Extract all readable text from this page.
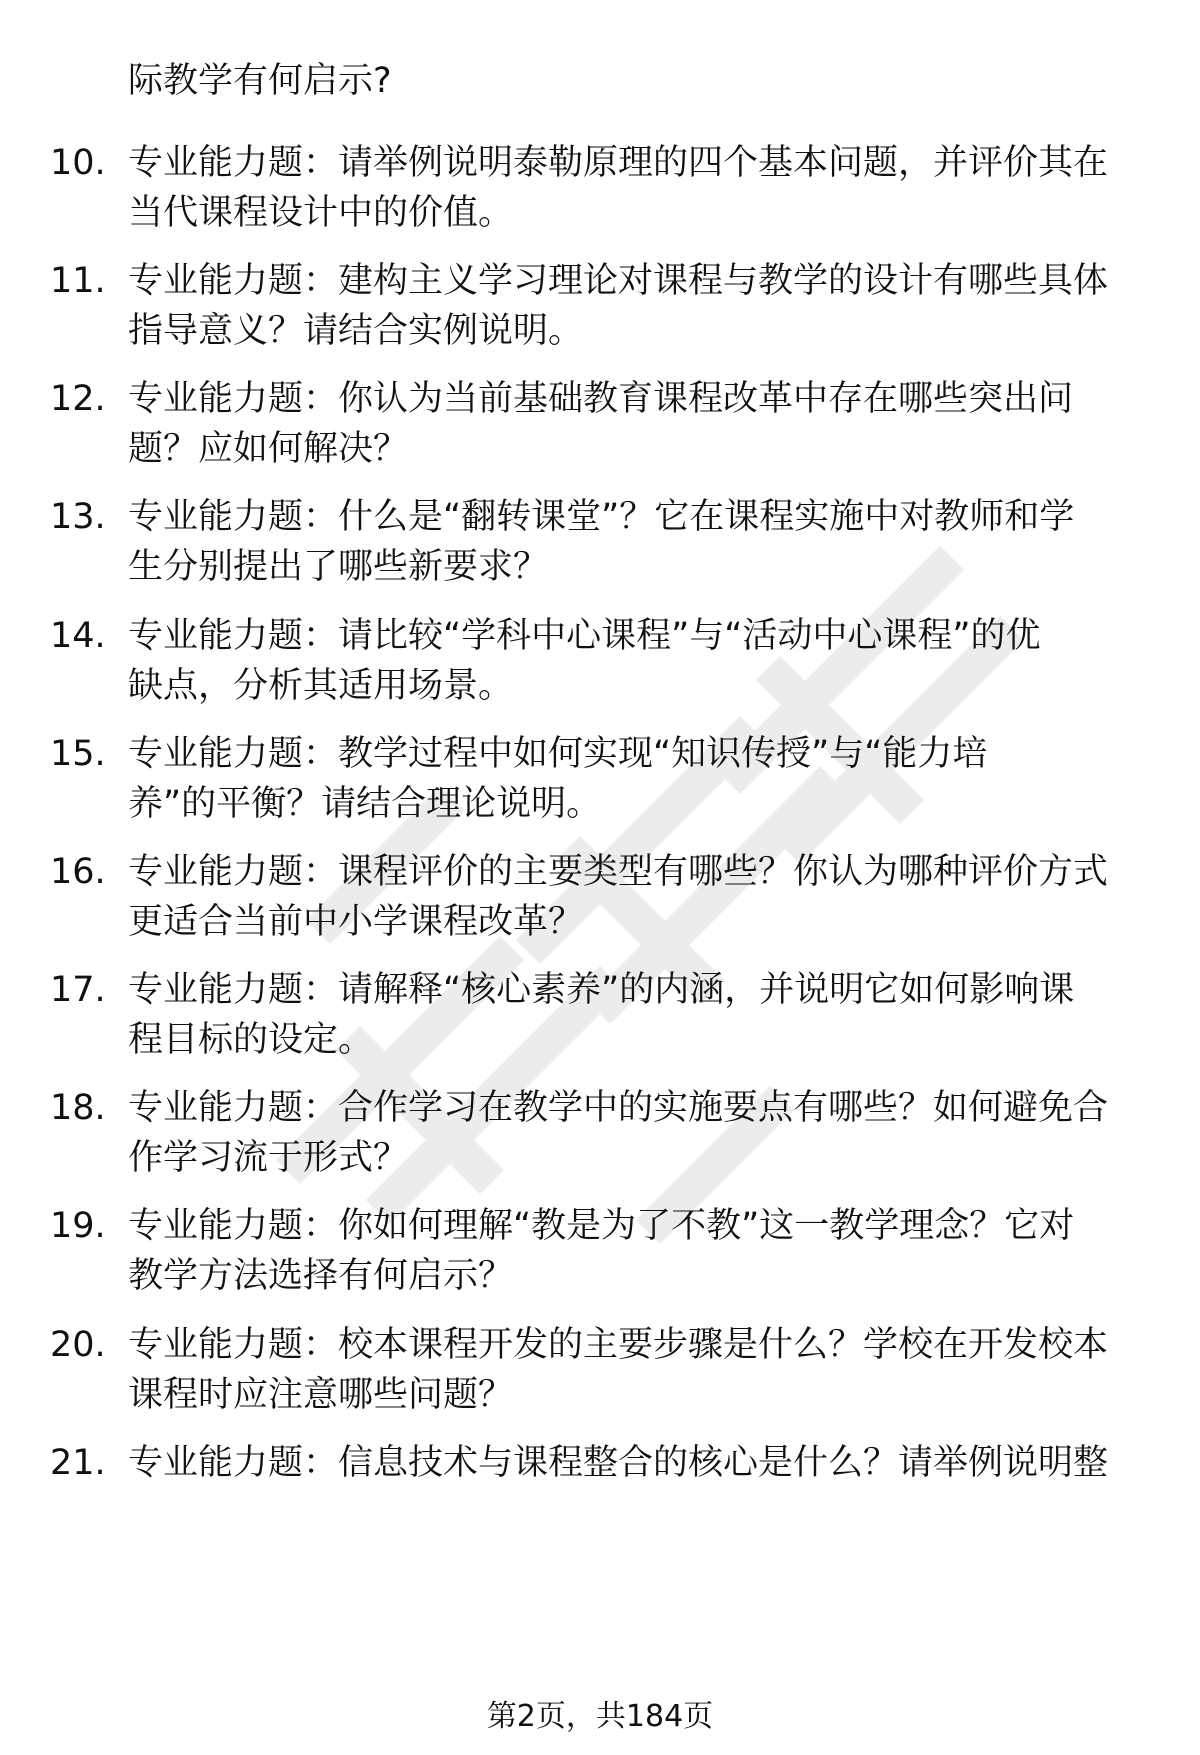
际教学有何启示?
10. 专业能力题：请举例说明泰勒原理的四个基本问题，并评价其在
当代课程设计中的价值。
11. 专业能力题：建构主义学习理论对课程与教学的设计有哪些具体
指导意义？请结合实例说明。
12. 专业能力题：你认为当前基础教育课程改革中存在哪些突出问
题？应如何解决？
13. 专业能力题：什么是“翻转课堂”？它在课程实施中对教师和学
生分别提出了哪些新要求？
14. 专业能力题：请比较“学科中心课程”与“活动中心课程”的优
缺点，分析其适用场景。
15. 专业能力题：教学过程中如何实现“知识传授”与“能力培
养”的平衡？请结合理论说明。
16. 专业能力题：课程评价的主要类型有哪些？你认为哪种评价方式
更适合当前中小学课程改革？
17. 专业能力题：请解释“核心素养”的内涵，并说明它如何影响课
程目标的设定。
18. 专业能力题：合作学习在教学中的实施要点有哪些？如何避免合
作学习流于形式？
19. 专业能力题：你如何理解“教是为了不教”这一教学理念？它对
教学方法选择有何启示？
20. 专业能力题：校本课程开发的主要步骤是什么？学校在开发校本
课程时应注意哪些问题？
21. 专业能力题：信息技术与课程整合的核心是什么？请举例说明整
第2页，共184页
